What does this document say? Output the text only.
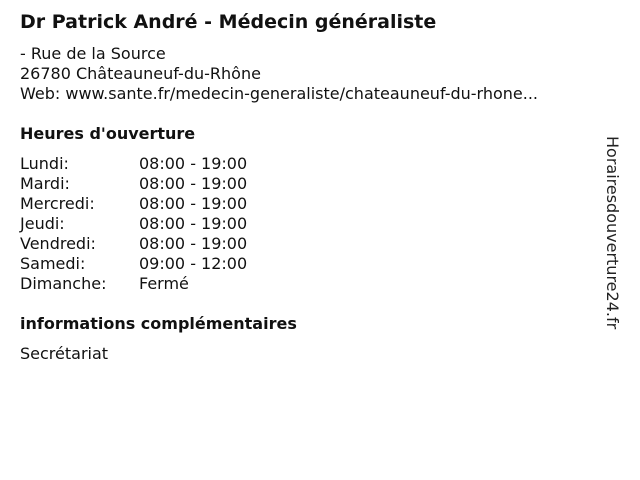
Dr Patrick André - Médecin généraliste
- Rue de la Source
26780 Châteauneuf-du-Rhône
Web: www.sante.fr/medecin-generaliste/chateauneuf-du-rhone...
Heures d'ouverture
Lundi:	08:00 - 19:00
Mardi:	08:00 - 19:00
Mercredi:	08:00 - 19:00
Jeudi:	08:00 - 19:00
Vendredi:	08:00 - 19:00
Samedi:	09:00 - 12:00
Dimanche: Fermé
informations complémentaires
Secrétariat
Horairesdouverture24.fr
